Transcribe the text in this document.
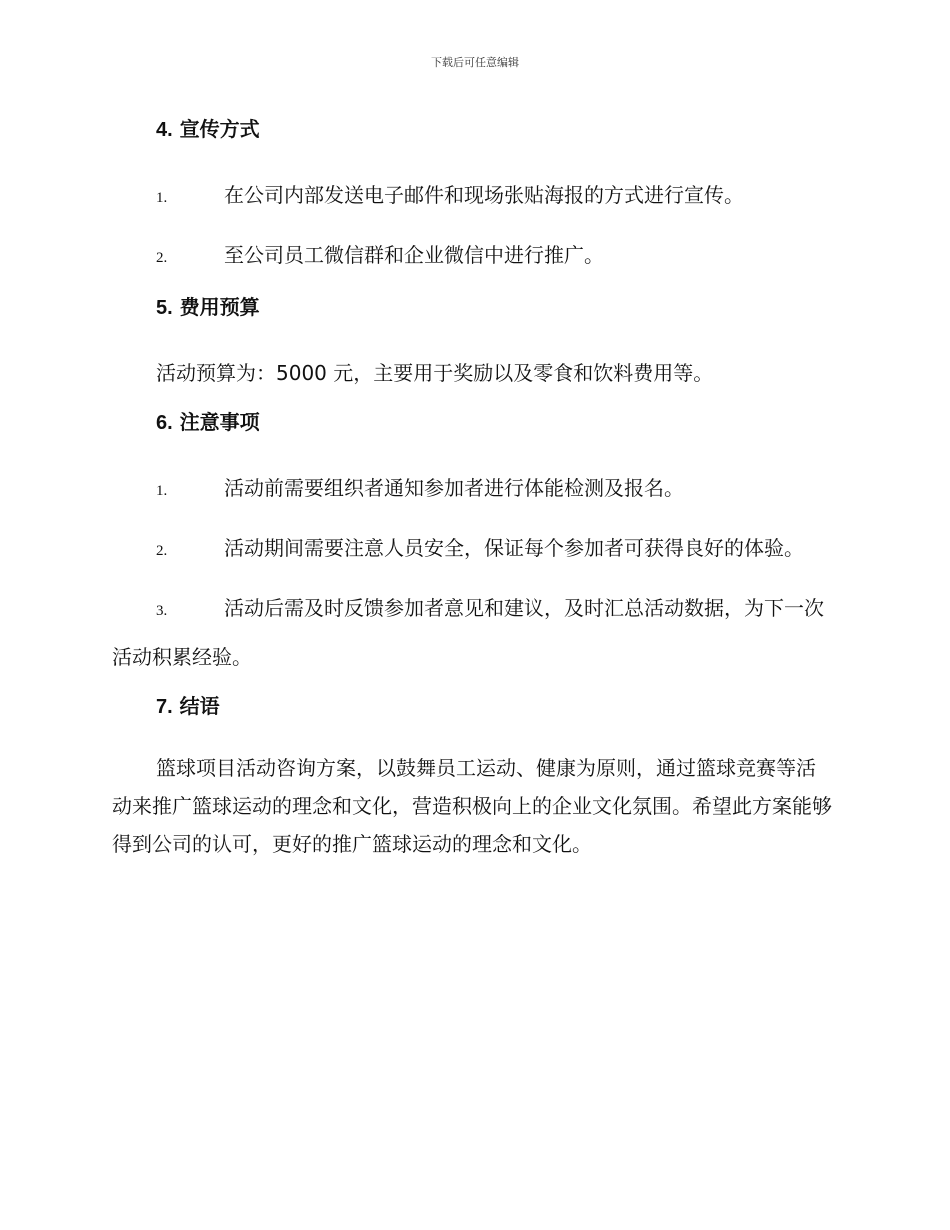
下载后可任意编辑
4. 宣传方式
1.	在公司内部发送电子邮件和现场张贴海报的方式进行宣传。
2.	至公司员工微信群和企业微信中进行推广。
5. 费用预算

活动预算为：5000 元，主要用于奖励以及零食和饮料费用等。

6. 注意事项
1.	活动前需要组织者通知参加者进行体能检测及报名。
2.	活动期间需要注意人员安全，保证每个参加者可获得良好的体验。
3.	活动后需及时反馈参加者意见和建议，及时汇总活动数据，为下一次活动积累经验。
7. 结语

篮球项目活动咨询方案，以鼓舞员工运动、健康为原则，通过篮球竞赛等活动来推广篮球运动的理念和文化，营造积极向上的企业文化氛围。希望此方案能够得到公司的认可，更好的推广篮球运动的理念和文化。
